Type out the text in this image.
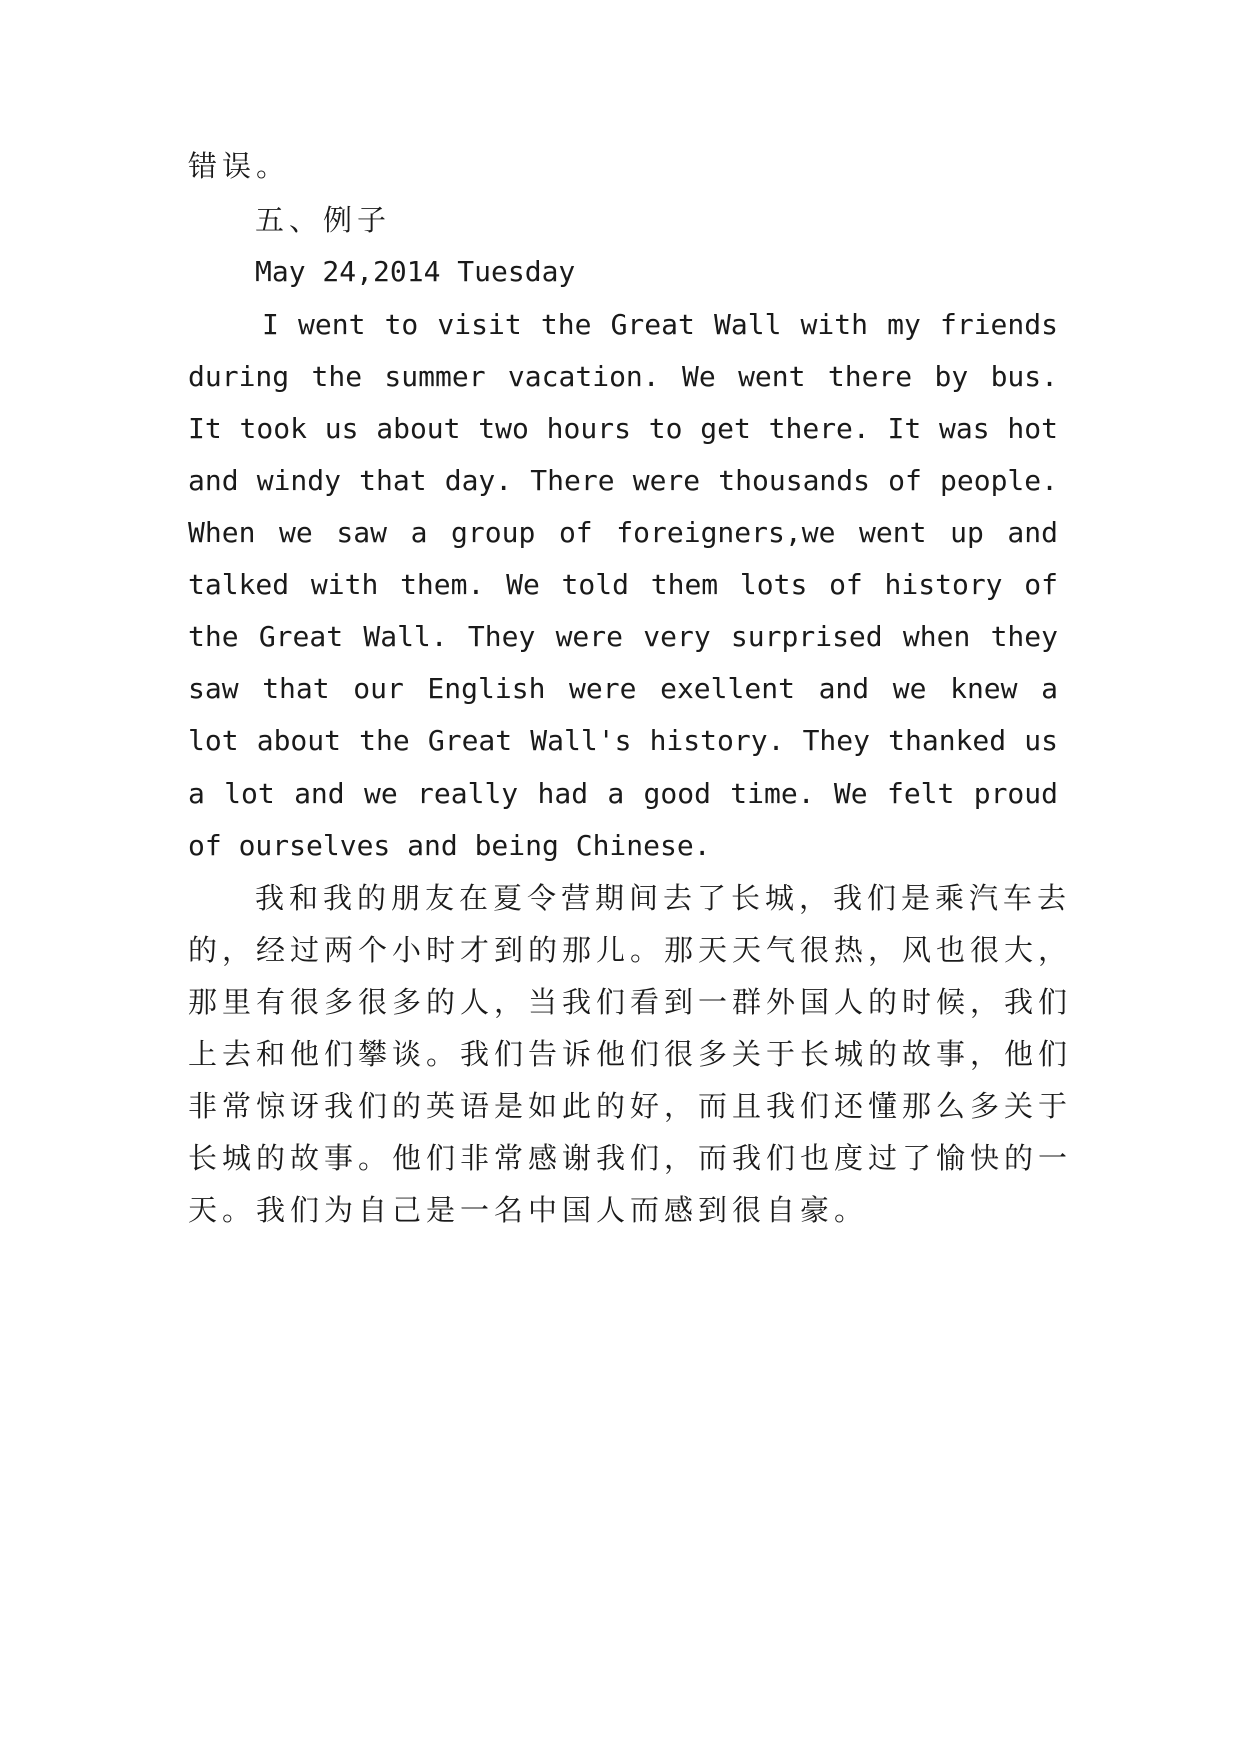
错误。

五、例子

May 24,2014 Tuesday

I went to visit the Great Wall with my friends

during the summer vacation. We went there by bus.

It took us about two hours to get there. It was hot

and windy that day. There were thousands of people.

When we saw a group of foreigners,we went up and

talked with them. We told them lots of history of

the Great Wall. They were very surprised when they

saw that our English were exellent and we knew a

lot about the Great Wall's history. They thanked us

a lot and we really had a good time. We felt proud

of ourselves and being Chinese.

我和我的朋友在夏令营期间去了长城，我们是乘汽车去

的，经过两个小时才到的那儿。那天天气很热，风也很大，

那里有很多很多的人，当我们看到一群外国人的时候，我们

上去和他们攀谈。我们告诉他们很多关于长城的故事，他们

非常惊讶我们的英语是如此的好，而且我们还懂那么多关于

长城的故事。他们非常感谢我们，而我们也度过了愉快的一

天。我们为自己是一名中国人而感到很自豪。
